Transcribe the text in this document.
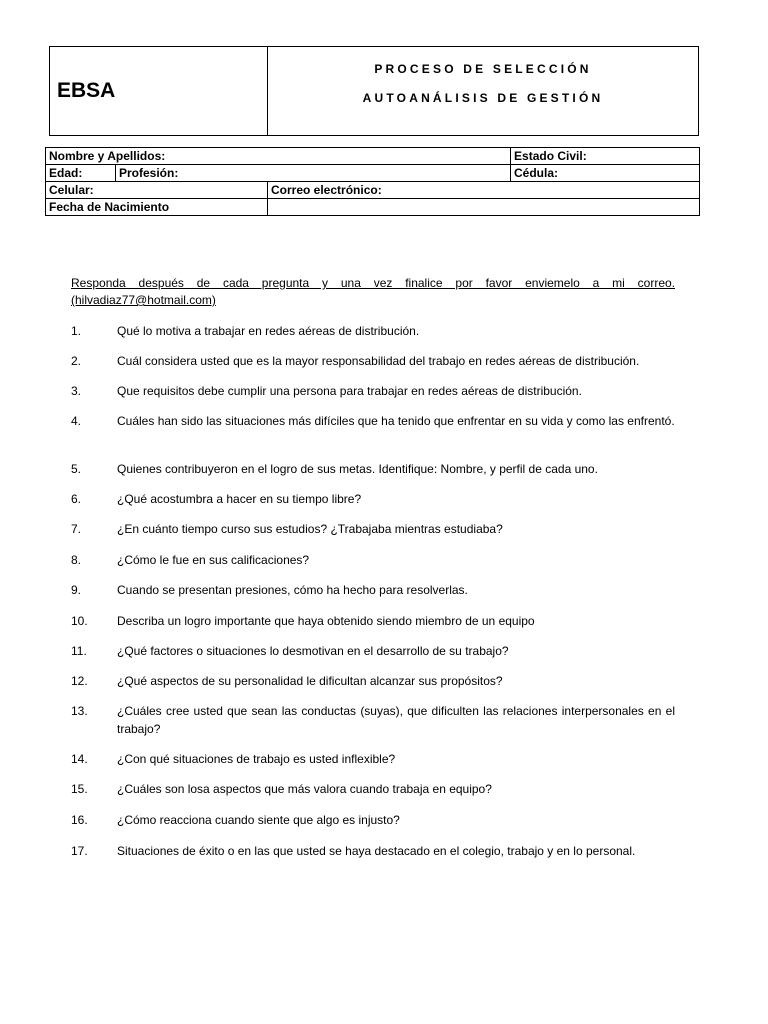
EBSA
PROCESO DE SELECCIÓN
AUTOANÁLISIS DE GESTIÓN
Nombre y Apellidos:			Estado Civil:
Edad:	Profesión:		Cédula:
Celular:		Correo electrónico:	
Fecha de Nacimiento			
Responda después de cada pregunta y una vez finalice por favor enviemelo a mi correo. (hilvadiaz77@hotmail.com)
1.	Qué lo motiva a trabajar en redes aéreas de distribución.
2.	Cuál considera usted que es la mayor responsabilidad del trabajo en redes aéreas de distribución.
3.	Que requisitos debe cumplir una persona para trabajar en redes aéreas de distribución.
4.	Cuáles han sido las situaciones más difíciles que ha tenido que enfrentar en su vida y como las enfrentó.
5.	Quienes contribuyeron en el logro de sus metas. Identifique: Nombre, y perfil de cada uno.
6.	¿Qué acostumbra a hacer en su tiempo libre?
7.	¿En cuánto tiempo curso sus estudios? ¿Trabajaba mientras estudiaba?
8.	¿Cómo le fue en sus calificaciones?
9.	Cuando se presentan presiones, cómo ha hecho para resolverlas.
10.	Describa un logro importante que haya obtenido siendo miembro de un equipo
11.	¿Qué factores o situaciones lo desmotivan en el desarrollo de su trabajo?
12.	¿Qué aspectos de su personalidad le dificultan alcanzar sus propósitos?
13.	¿Cuáles cree usted que sean las conductas (suyas), que dificulten las relaciones interpersonales en el trabajo?
14.	¿Con qué situaciones de trabajo es usted inflexible?
15.	¿Cuáles son losa aspectos que más valora cuando trabaja en equipo?
16.	¿Cómo reacciona cuando siente que algo es injusto?
17.	Situaciones de éxito o en las que usted se haya destacado en el colegio, trabajo y en lo personal.
